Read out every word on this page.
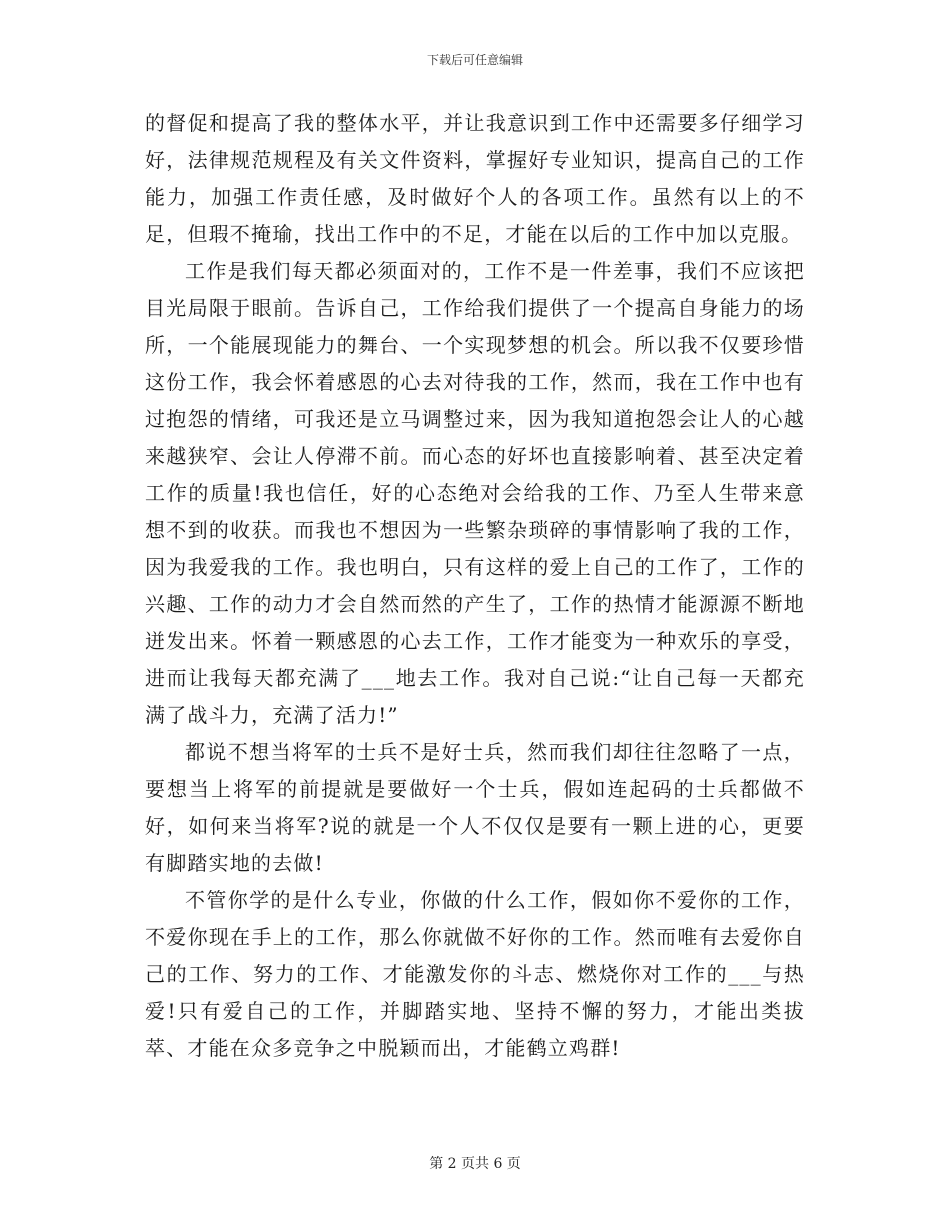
下载后可任意编辑

的督促和提高了我的整体水平，并让我意识到工作中还需要多仔细学习好，法律规范规程及有关文件资料，掌握好专业知识，提高自己的工作能力，加强工作责任感，及时做好个人的各项工作。虽然有以上的不足，但瑕不掩瑜，找出工作中的不足，才能在以后的工作中加以克服。

工作是我们每天都必须面对的，工作不是一件差事，我们不应该把目光局限于眼前。告诉自己，工作给我们提供了一个提高自身能力的场所，一个能展现能力的舞台、一个实现梦想的机会。所以我不仅要珍惜这份工作，我会怀着感恩的心去对待我的工作，然而，我在工作中也有过抱怨的情绪，可我还是立马调整过来，因为我知道抱怨会让人的心越来越狭窄、会让人停滞不前。而心态的好坏也直接影响着、甚至决定着工作的质量!我也信任，好的心态绝对会给我的工作、乃至人生带来意想不到的收获。而我也不想因为一些繁杂琐碎的事情影响了我的工作，因为我爱我的工作。我也明白，只有这样的爱上自己的工作了，工作的兴趣、工作的动力才会自然而然的产生了，工作的热情才能源源不断地迸发出来。怀着一颗感恩的心去工作，工作才能变为一种欢乐的享受，进而让我每天都充满了___地去工作。我对自己说:“让自己每一天都充满了战斗力，充满了活力!”

都说不想当将军的士兵不是好士兵，然而我们却往往忽略了一点，要想当上将军的前提就是要做好一个士兵，假如连起码的士兵都做不好，如何来当将军?说的就是一个人不仅仅是要有一颗上进的心，更要有脚踏实地的去做!

不管你学的是什么专业，你做的什么工作，假如你不爱你的工作，不爱你现在手上的工作，那么你就做不好你的工作。然而唯有去爱你自己的工作、努力的工作、才能激发你的斗志、燃烧你对工作的___与热爱!只有爱自己的工作，并脚踏实地、坚持不懈的努力，才能出类拔萃、才能在众多竞争之中脱颖而出，才能鹤立鸡群!

第 2 页共 6 页
